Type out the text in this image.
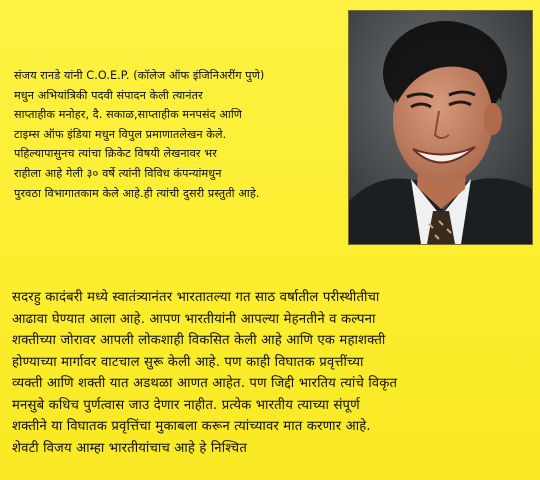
संजय रानडे यांनी C.O.E.P. (कॉलेज ऑफ इंजिनिअरींग पुणे)
मधुन अभियांत्रिकी पदवी संपादन केली त्यानंतर
साप्ताहीक मनोहर, दै. सकाळ,साप्ताहीक मनपसंद आणि
टाइम्स ऑफ इंडिया मधुन विपुल प्रमाणातलेखन केले.
पहिल्यापासुनच त्यांचा क्रिकेट विषयी लेखनावर भर
राहीला आहे गेली ३० वर्षे त्यांनी विविध कंपन्यांमधुन
पुरवठा विभागातकाम केले आहे.ही त्यांची दुसरी प्रस्तुती आहे.
सदरहु कादंबरी मध्ये स्वातंत्र्यानंतर भारतातल्या गत साठ वर्षातील परीस्थीतीचा
आढावा घेण्यात आला आहे. आपण भारतीयांनी आपल्या मेहनतीने व कल्पना
शक्तीच्या जोरावर आपली लोकशाही विकसित केली आहे आणि एक महाशक्ती
होण्याच्या मार्गावर वाटचाल सुरू केली आहे. पण काही विघातक प्रवृत्तींच्या
व्यक्ती आणि शक्ती यात अडथळा आणत आहेत. पण जिद्दी भारतिय त्यांचे विकृत
मनसुबे कधिच पुर्णत्वास जाउ देणार नाहीत. प्रत्येक भारतीय त्याच्या संपूर्ण
शक्तीने या विघातक प्रवृत्तिंचा मुकाबला करून त्यांच्यावर मात करणार आहे.
शेवटी विजय आम्हा भारतीयांचाच आहे हे निश्चित
